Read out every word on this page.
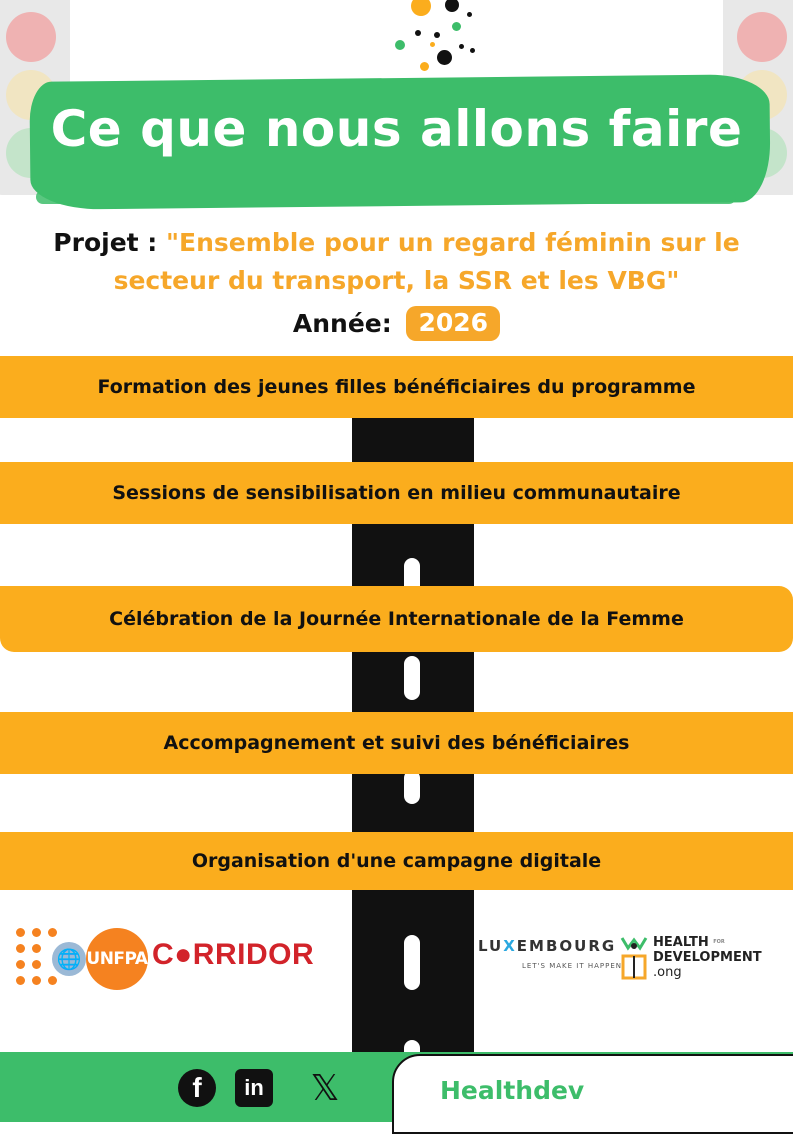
Ce que nous allons faire
Projet : "Ensemble pour un regard féminin sur le secteur du transport, la SSR et les VBG"
Année: 2026
Formation des jeunes filles bénéficiaires du programme
Sessions de sensibilisation en milieu communautaire
Célébration de la Journée Internationale de la Femme
Accompagnement et suivi des bénéficiaires
Organisation d'une campagne digitale
🌐 UNFPA C●RRIDOR	LUXEMBOURG
LET'S MAKE IT HAPPEN
HEALTH FOR
DEVELOPMENT
.ong
f	in 𝕏	Healthdev
